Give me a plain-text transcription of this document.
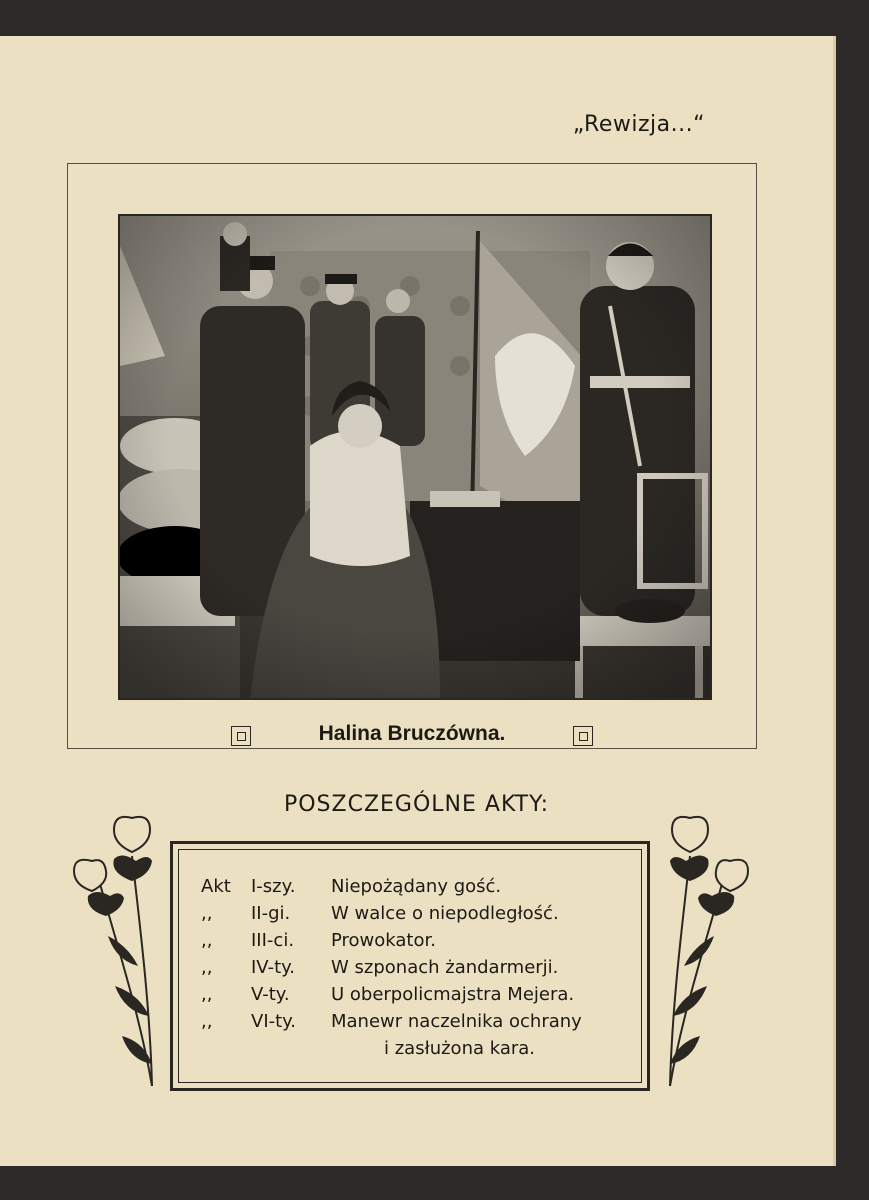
„Rewizja...“
Halina Bruczówna.
POSZCZEGÓLNE AKTY:
Akt	I-szy.	Niepożądany gość.
,,	II-gi.	W walce o niepodległość.
,,	III-ci.	Prowokator.
,,	IV-ty.	W szponach żandarmerji.
,,	V-ty.	U oberpolicmajstra Mejera.
,,	VI-ty.	Manewr naczelnika ochrany
i zasłużona kara.
